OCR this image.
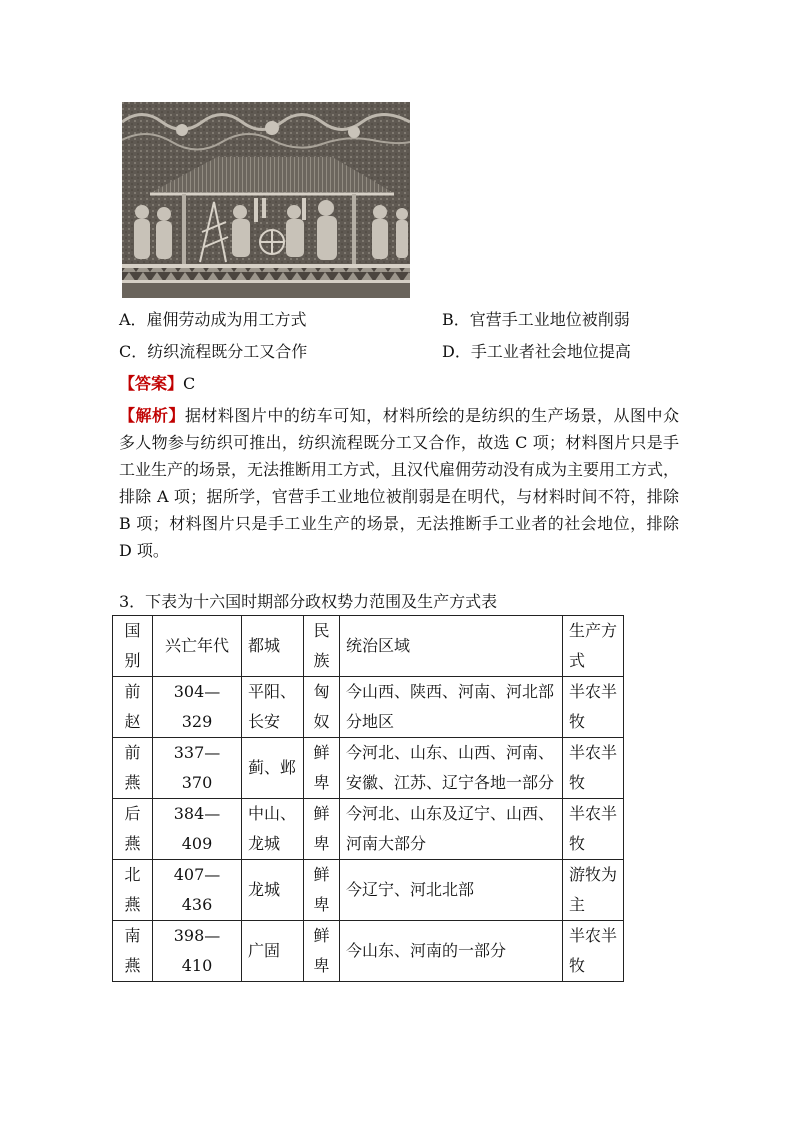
A．雇佣劳动成为用工方式	B．官营手工业地位被削弱
C．纺织流程既分工又合作	D．手工业者社会地位提高
【答案】C
【解析】据材料图片中的纺车可知，材料所绘的是纺织的生产场景，从图中众多人物参与纺织可推出，纺织流程既分工又合作，故选 C 项；材料图片只是手工业生产的场景，无法推断用工方式，且汉代雇佣劳动没有成为主要用工方式，排除 A 项；据所学，官营手工业地位被削弱是在明代，与材料时间不符，排除 B 项；材料图片只是手工业生产的场景，无法推断手工业者的社会地位，排除 D 项。
3．下表为十六国时期部分政权势力范围及生产方式表
国别	兴亡年代	都城	民族	统治区域	生产方式
前赵	304—329	平阳、长安	匈奴	今山西、陕西、河南、河北部分地区	半农半牧
前燕	337—370	蓟、邺	鲜卑	今河北、山东、山西、河南、安徽、江苏、辽宁各地一部分	半农半牧
后燕	384—409	中山、龙城	鲜卑	今河北、山东及辽宁、山西、河南大部分	半农半牧
北燕	407—436	龙城	鲜卑	今辽宁、河北北部	游牧为主
南燕	398—410	广固	鲜卑	今山东、河南的一部分	半农半牧
